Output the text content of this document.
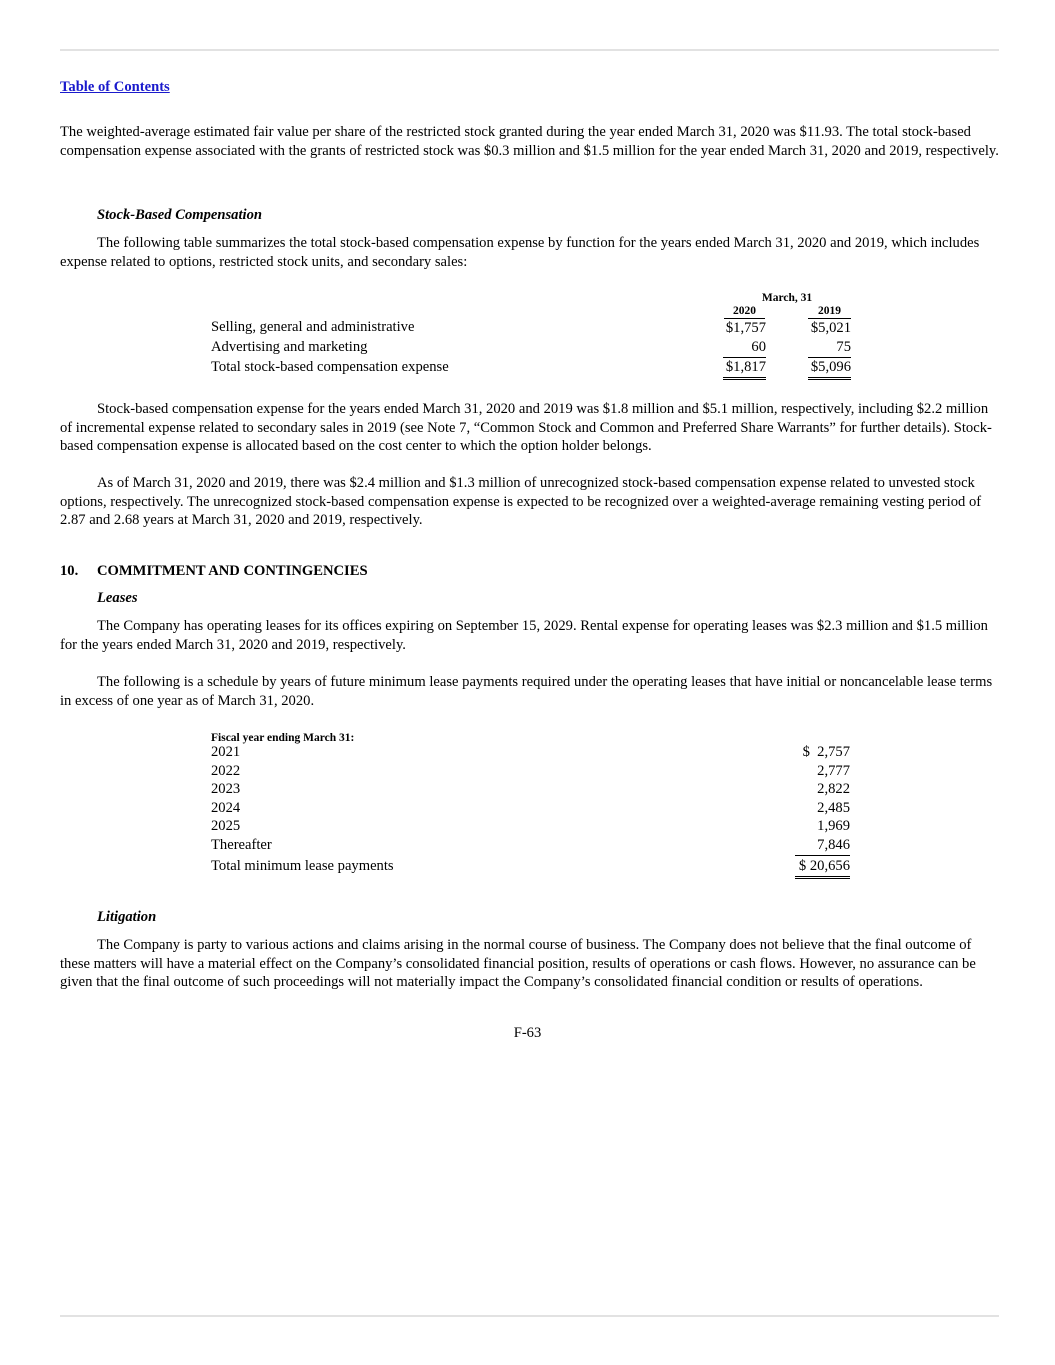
Table of Contents

The weighted-average estimated fair value per share of the restricted stock granted during the year ended March 31, 2020 was $11.93. The total stock-based compensation expense associated with the grants of restricted stock was $0.3 million and $1.5 million for the year ended March 31, 2020 and 2019, respectively.

Stock-Based Compensation

The following table summarizes the total stock-based compensation expense by function for the years ended March 31, 2020 and 2019, which includes expense related to options, restricted stock units, and secondary sales:

March, 31
2020	2019
Selling, general and administrative	$1,757	$5,021
Advertising and marketing	60	75
Total stock-based compensation expense	$1,817	$5,096

Stock-based compensation expense for the years ended March 31, 2020 and 2019 was $1.8 million and $5.1 million, respectively, including $2.2 million of incremental expense related to secondary sales in 2019 (see Note 7, “Common Stock and Common and Preferred Share Warrants” for further details). Stock-based compensation expense is allocated based on the cost center to which the option holder belongs.

As of March 31, 2020 and 2019, there was $2.4 million and $1.3 million of unrecognized stock-based compensation expense related to unvested stock options, respectively. The unrecognized stock-based compensation expense is expected to be recognized over a weighted-average remaining vesting period of 2.87 and 2.68 years at March 31, 2020 and 2019, respectively.

10. COMMITMENT AND CONTINGENCIES
Leases

The Company has operating leases for its offices expiring on September 15, 2029. Rental expense for operating leases was $2.3 million and $1.5 million for the years ended March 31, 2020 and 2019, respectively.

The following is a schedule by years of future minimum lease payments required under the operating leases that have initial or noncancelable lease terms in excess of one year as of March 31, 2020.

Fiscal year ending March 31:
2021	$  2,757
2022	2,777
2023	2,822
2024	2,485
2025	1,969
Thereafter	7,846
Total minimum lease payments	$ 20,656
Litigation

The Company is party to various actions and claims arising in the normal course of business. The Company does not believe that the final outcome of these matters will have a material effect on the Company’s consolidated financial position, results of operations or cash flows. However, no assurance can be given that the final outcome of such proceedings will not materially impact the Company’s consolidated financial condition or results of operations.

F-63
